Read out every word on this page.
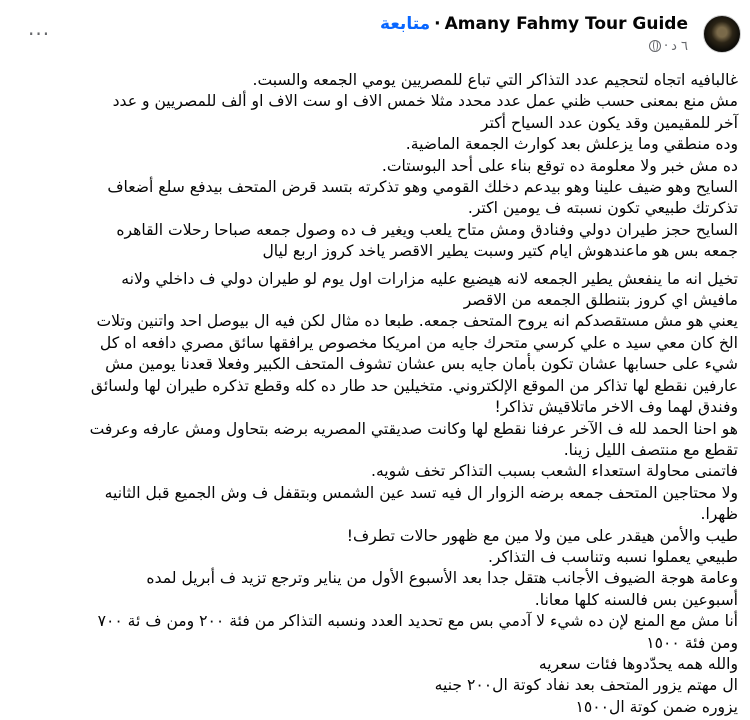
···	Amany Fahmy Tour Guide·متابعة
٦ د·

غالبافيه اتجاه لتحجيم عدد التذاكر التي تباع للمصريين يومي الجمعه والسبت.

مش منع بمعنى حسب ظني عمل عدد محدد مثلا خمس الاف او ست الاف او ألف للمصريين و عدد آخر للمقيمين وقد يكون عدد السياح أكتر

وده منطقي وما يزعلش بعد كوارث الجمعة الماضية.

ده مش خبر ولا معلومة ده توقع بناء على أحد البوستات.

السايح وهو ضيف علينا وهو بيدعم دخلك القومي وهو تذكرته بتسد قرض المتحف بيدفع سلع أضعاف تذكرتك طبيعي تكون نسبته ف يومين اكتر.

السايح حجز طيران دولي وفنادق ومش متاح يلعب ويغير ف ده وصول جمعه صباحا رحلات القاهره جمعه بس هو ماعندهوش ايام كتير وسبت يطير الاقصر ياخد كروز اربع ليال

تخيل انه ما ينفعش يطير الجمعه لانه هيضيع عليه مزارات اول يوم لو طيران دولي ف داخلي ولانه مافيش اي كروز بتنطلق الجمعه من الاقصر

يعني هو مش مستقصدكم انه يروح المتحف جمعه. طبعا ده مثال لكن فيه ال بيوصل احد واتنين وتلات الخ كان معي سيد ه علي كرسي متحرك جايه من امريكا مخصوص يرافقها سائق مصري دافعه اه كل شيء على حسابها عشان تكون بأمان جايه بس عشان تشوف المتحف الكبير وفعلا قعدنا يومين مش عارفين نقطع لها تذاكر من الموقع الإلكتروني. متخيلين حد طار ده كله وقطع تذكره طيران لها ولسائق وفندق لهما وف الاخر ماتلاقيش تذاكر!

هو احنا الحمد لله ف الآخر عرفنا نقطع لها وكانت صديقتي المصريه برضه بتحاول ومش عارفه وعرفت تقطع مع منتصف الليل زينا.

فاتمنى محاولة استعداء الشعب بسبب التذاكر تخف شويه.

ولا محتاجين المتحف جمعه برضه الزوار ال فيه تسد عين الشمس وبتقفل ف وش الجميع قبل الثانيه ظهرا.

طيب والأمن هيقدر على مين ولا مين مع ظهور حالات تطرف!

طبيعي يعملوا نسبه وتناسب ف التذاكر.

وعامة هوجة الضيوف الأجانب هتقل جدا بعد الأسبوع الأول من يناير وترجع تزيد ف أبريل لمده أسبوعين بس فالسنه كلها معانا.

أنا مش مع المنع لإن ده شيء لا آدمي بس مع تحديد العدد ونسبه التذاكر من فئة ٢٠٠ ومن ف ئة ٧٠٠ ومن فئة ١٥٠٠

والله همه يحدّدوها فئات سعريه

ال مهتم يزور المتحف بعد نفاد كوتة ال٢٠٠ جنيه

يزوره ضمن كوتة ال١٥٠٠
